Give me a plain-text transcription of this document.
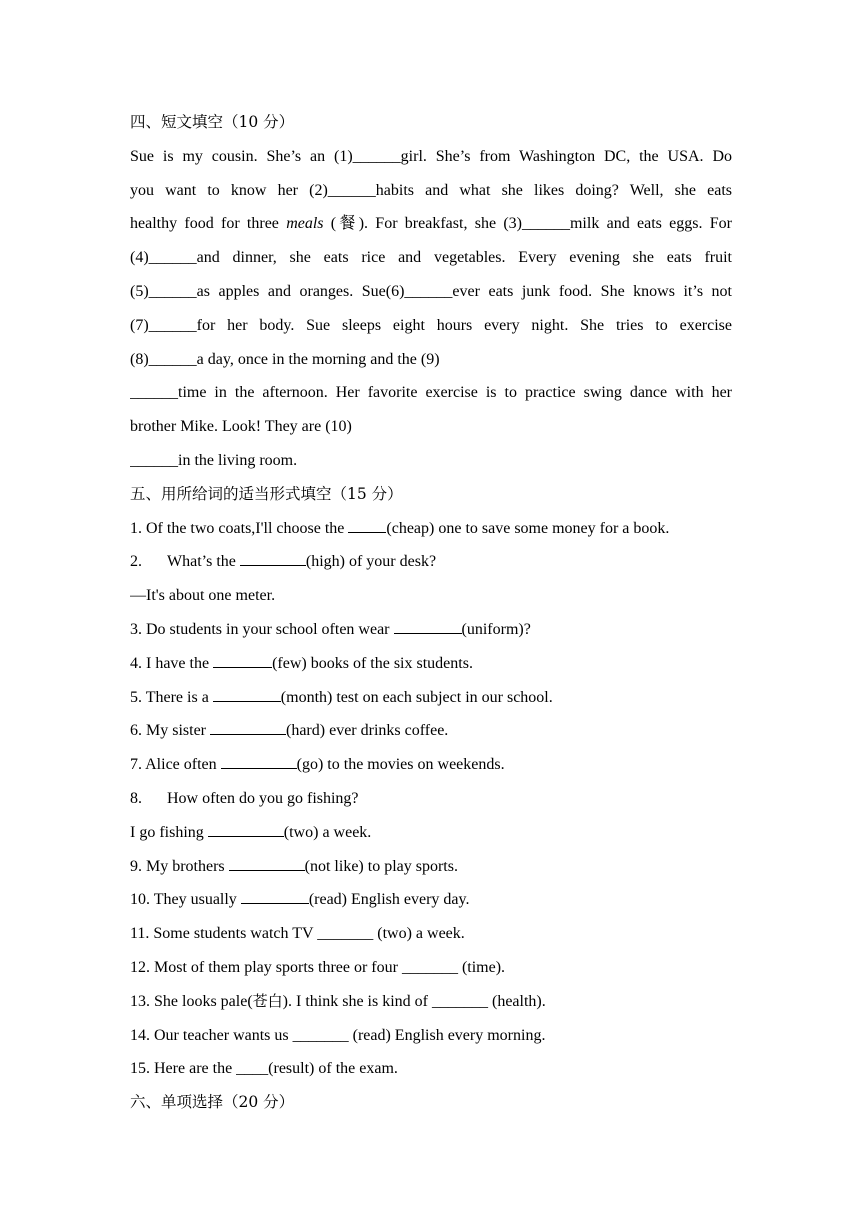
四、短文填空（10 分）
Sue is my cousin. She’s an (1)______girl. She’s from Washington DC, the USA. Do
you want to know her (2)______habits and what she likes doing? Well, she eats
healthy food for three meals (餐). For breakfast, she (3)______milk and eats eggs. For
(4)______and dinner, she eats rice and vegetables. Every evening she eats fruit
(5)______as apples and oranges. Sue(6)______ever eats junk food. She knows it’s not
(7)______for her body. Sue sleeps eight hours every night. She tries to exercise
(8)______a day, once in the morning and the (9)
______time in the afternoon. Her favorite exercise is to practice swing dance with her
brother Mike. Look! They are (10)
______in the living room.
五、用所给词的适当形式填空（15 分）
1. Of the two coats,I'll choose the (cheap) one to save some money for a book.
2. What’s the	(high) of your desk?
—It's about one meter.
3. Do students in your school often wear	(uniform)?
4. I have the	(few) books of the six students.
5. There is a	(month) test on each subject in our school.
6. My sister	(hard) ever drinks coffee.
7. Alice often	(go) to the movies on weekends.
8. How often do you go fishing?
I go fishing	(two) a week.
9. My brothers	(not like) to play sports.
10. They usually	(read) English every day.
11. Some students watch TV _______ (two) a week.
12. Most of them play sports three or four _______ (time).
13. She looks pale(苍白). I think she is kind of _______ (health).
14. Our teacher wants us _______ (read) English every morning.
15. Here are the ____(result) of the exam.
六、单项选择（20 分）
